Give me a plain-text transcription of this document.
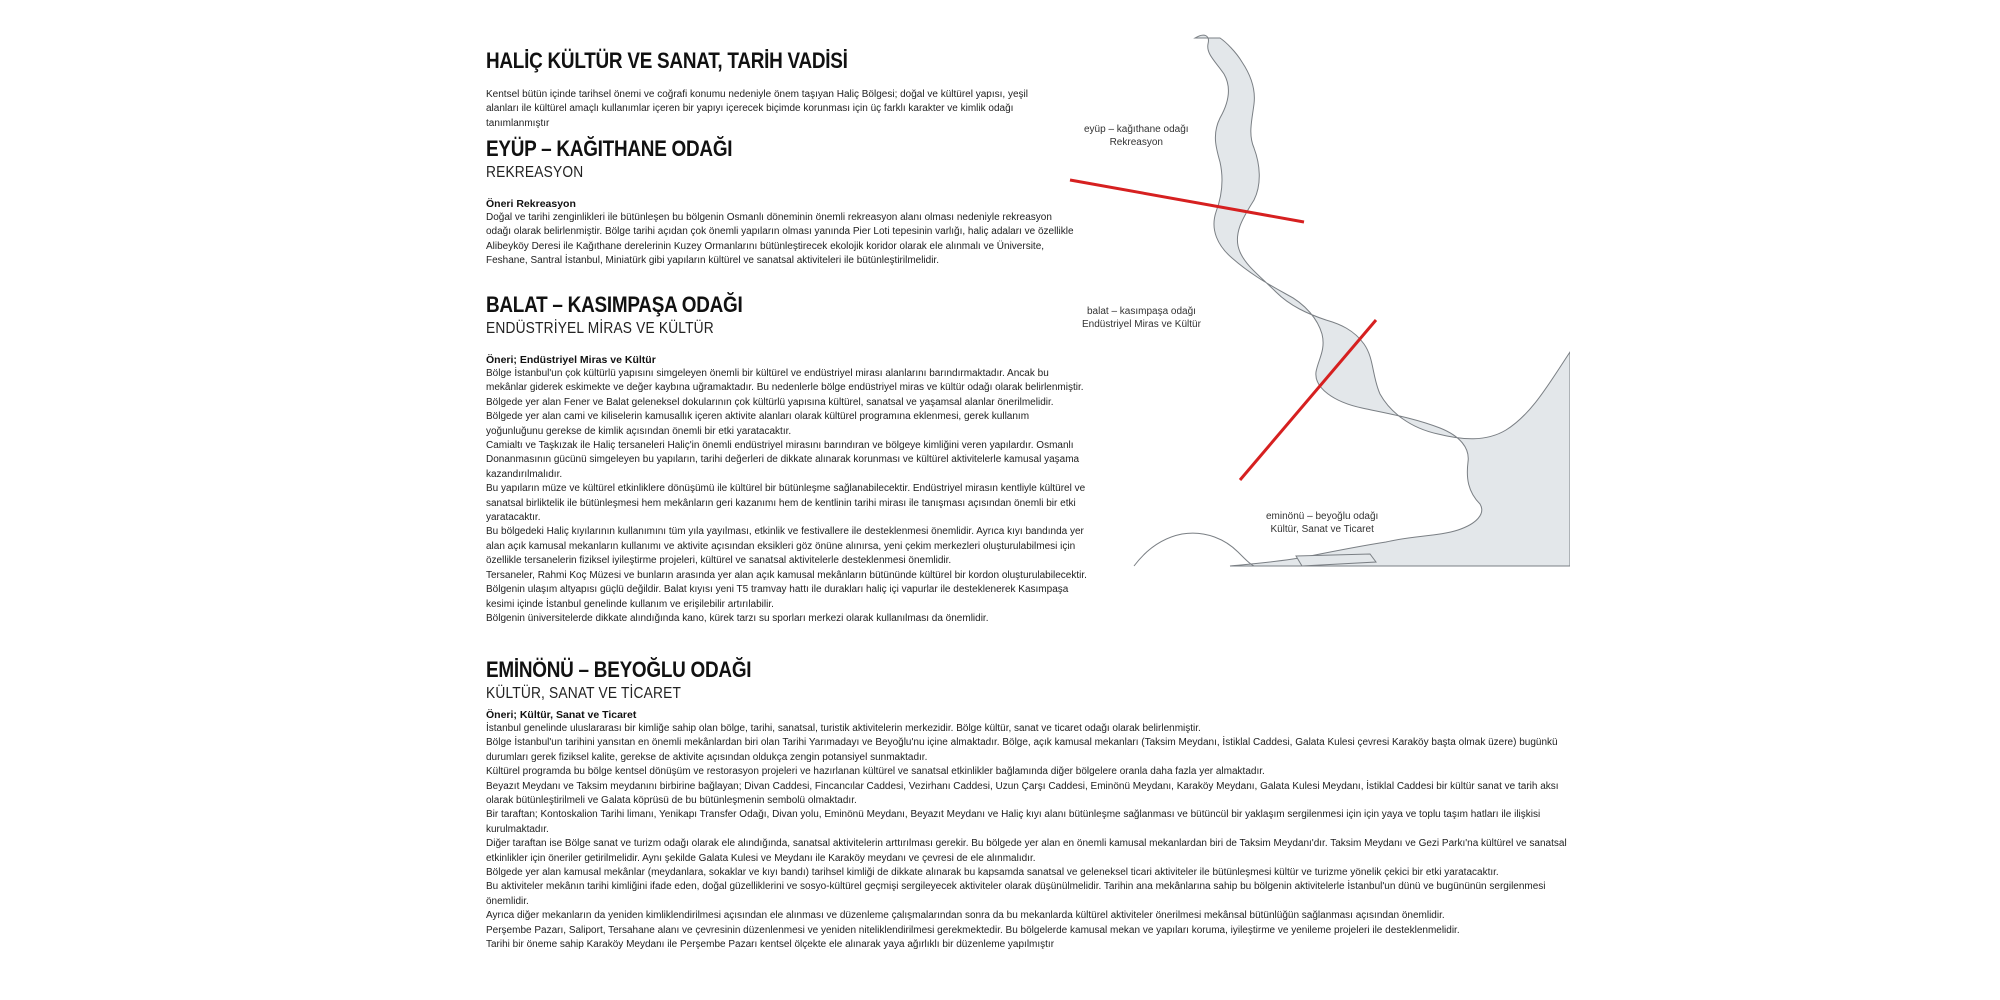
HALİÇ KÜLTÜR VE SANAT, TARİH VADİSİ

Kentsel bütün içinde tarihsel önemi ve coğrafi konumu nedeniyle önem taşıyan Haliç Bölgesi; doğal ve kültürel yapısı, yeşil alanları ile kültürel amaçlı kullanımlar içeren bir yapıyı içerecek biçimde korunması için üç farklı karakter ve kimlik odağı tanımlanmıştır

EYÜP – KAĞITHANE ODAĞI
REKREASYON
Öneri Rekreasyon

Doğal ve tarihi zenginlikleri ile bütünleşen bu bölgenin Osmanlı döneminin önemli rekreasyon alanı olması nedeniyle rekreasyon odağı olarak belirlenmiştir. Bölge tarihi açıdan çok önemli yapıların olması yanında Pier Loti tepesinin varlığı, haliç adaları ve özellikle Alibeyköy Deresi ile Kağıthane derelerinin Kuzey Ormanlarını bütünleştirecek ekolojik koridor olarak ele alınmalı ve Üniversite, Feshane, Santral İstanbul, Miniatürk gibi yapıların kültürel ve sanatsal aktiviteleri ile bütünleştirilmelidir.

BALAT – KASIMPAŞA ODAĞI
ENDÜSTRİYEL MİRAS VE KÜLTÜR
Öneri; Endüstriyel Miras ve Kültür

Bölge İstanbul'un çok kültürlü yapısını simgeleyen önemli bir kültürel ve endüstriyel mirası alanlarını barındırmaktadır. Ancak bu mekânlar giderek eskimekte ve değer kaybına uğramaktadır. Bu nedenlerle bölge endüstriyel miras ve kültür odağı olarak belirlenmiştir.

Bölgede yer alan Fener ve Balat geleneksel dokularının çok kültürlü yapısına kültürel, sanatsal ve yaşamsal alanlar önerilmelidir. Bölgede yer alan cami ve kiliselerin kamusallık içeren aktivite alanları olarak kültürel programına eklenmesi, gerek kullanım yoğunluğunu gerekse de kimlik açısından önemli bir etki yaratacaktır.

Camialtı ve Taşkızak ile Haliç tersaneleri Haliç'in önemli endüstriyel mirasını barındıran ve bölgeye kimliğini veren yapılardır. Osmanlı Donanmasının gücünü simgeleyen bu yapıların, tarihi değerleri de dikkate alınarak korunması ve kültürel aktivitelerle kamusal yaşama kazandırılmalıdır.

Bu yapıların müze ve kültürel etkinliklere dönüşümü ile kültürel bir bütünleşme sağlanabilecektir. Endüstriyel mirasın kentliyle kültürel ve sanatsal birliktelik ile bütünleşmesi hem mekânların geri kazanımı hem de kentlinin tarihi mirası ile tanışması açısından önemli bir etki yaratacaktır.

Bu bölgedeki Haliç kıyılarının kullanımını tüm yıla yayılması, etkinlik ve festivallere ile desteklenmesi önemlidir. Ayrıca kıyı bandında yer alan açık kamusal mekanların kullanımı ve aktivite açısından eksikleri göz önüne alınırsa, yeni çekim merkezleri oluşturulabilmesi için özellikle tersanelerin fiziksel iyileştirme projeleri, kültürel ve sanatsal aktivitelerle desteklenmesi önemlidir.

Tersaneler, Rahmi Koç Müzesi ve bunların arasında yer alan açık kamusal mekânların bütününde kültürel bir kordon oluşturulabilecektir.

Bölgenin ulaşım altyapısı güçlü değildir. Balat kıyısı yeni T5 tramvay hattı ile durakları haliç içi vapurlar ile desteklenerek Kasımpaşa kesimi içinde İstanbul genelinde kullanım ve erişilebilir artırılabilir.

Bölgenin üniversitelerde dikkate alındığında kano, kürek tarzı su sporları merkezi olarak kullanılması da önemlidir.

EMİNÖNÜ – BEYOĞLU ODAĞI
KÜLTÜR, SANAT VE TİCARET
Öneri; Kültür, Sanat ve Ticaret

İstanbul genelinde uluslararası bir kimliğe sahip olan bölge, tarihi, sanatsal, turistik aktivitelerin merkezidir. Bölge kültür, sanat ve ticaret odağı olarak belirlenmiştir.

Bölge İstanbul'un tarihini yansıtan en önemli mekânlardan biri olan Tarihi Yarımadayı ve Beyoğlu'nu içine almaktadır. Bölge, açık kamusal mekanları (Taksim Meydanı, İstiklal Caddesi, Galata Kulesi çevresi Karaköy başta olmak üzere) bugünkü durumları gerek fiziksel kalite, gerekse de aktivite açısından oldukça zengin potansiyel sunmaktadır.

Kültürel programda bu bölge kentsel dönüşüm ve restorasyon projeleri ve hazırlanan kültürel ve sanatsal etkinlikler bağlamında diğer bölgelere oranla daha fazla yer almaktadır.

Beyazıt Meydanı ve Taksim meydanını birbirine bağlayan; Divan Caddesi, Fincancılar Caddesi, Vezirhanı Caddesi, Uzun Çarşı Caddesi, Eminönü Meydanı, Karaköy Meydanı, Galata Kulesi Meydanı, İstiklal Caddesi bir kültür sanat ve tarih aksı olarak bütünleştirilmeli ve Galata köprüsü de bu bütünleşmenin sembolü olmaktadır.

Bir taraftan; Kontoskalion Tarihi limanı, Yenikapı Transfer Odağı, Divan yolu, Eminönü Meydanı, Beyazıt Meydanı ve Haliç kıyı alanı bütünleşme sağlanması ve bütüncül bir yaklaşım sergilenmesi için için yaya ve toplu taşım hatları ile ilişkisi kurulmaktadır.

Diğer taraftan ise Bölge sanat ve turizm odağı olarak ele alındığında, sanatsal aktivitelerin arttırılması gerekir. Bu bölgede yer alan en önemli kamusal mekanlardan biri de Taksim Meydanı'dır. Taksim Meydanı ve Gezi Parkı'na kültürel ve sanatsal etkinlikler için öneriler getirilmelidir. Aynı şekilde Galata Kulesi ve Meydanı ile Karaköy meydanı ve çevresi de ele alınmalıdır.

Bölgede yer alan kamusal mekânlar (meydanlara, sokaklar ve kıyı bandı) tarihsel kimliği de dikkate alınarak bu kapsamda sanatsal ve geleneksel ticari aktiviteler ile bütünleşmesi kültür ve turizme yönelik çekici bir etki yaratacaktır.

Bu aktiviteler mekânın tarihi kimliğini ifade eden, doğal güzelliklerini ve sosyo-kültürel geçmişi sergileyecek aktiviteler olarak düşünülmelidir. Tarihin ana mekânlarına sahip bu bölgenin aktivitelerle İstanbul'un dünü ve bugününün sergilenmesi önemlidir.

Ayrıca diğer mekanların da yeniden kimliklendirilmesi açısından ele alınması ve düzenleme çalışmalarından sonra da bu mekanlarda kültürel aktiviteler önerilmesi mekânsal bütünlüğün sağlanması açısından önemlidir.

Perşembe Pazarı, Saliport, Tersahane alanı ve çevresinin düzenlenmesi ve yeniden niteliklendirilmesi gerekmektedir. Bu bölgelerde kamusal mekan ve yapıları koruma, iyileştirme ve yenileme projeleri ile desteklenmelidir.

Tarihi bir öneme sahip Karaköy Meydanı ile Perşembe Pazarı kentsel ölçekte ele alınarak yaya ağırlıklı bir düzenleme yapılmıştır

eyüp – kağıthane odağı
Rekreasyon
balat – kasımpaşa odağı
Endüstriyel Miras ve Kültür
eminönü – beyoğlu odağı
Kültür, Sanat ve Ticaret
